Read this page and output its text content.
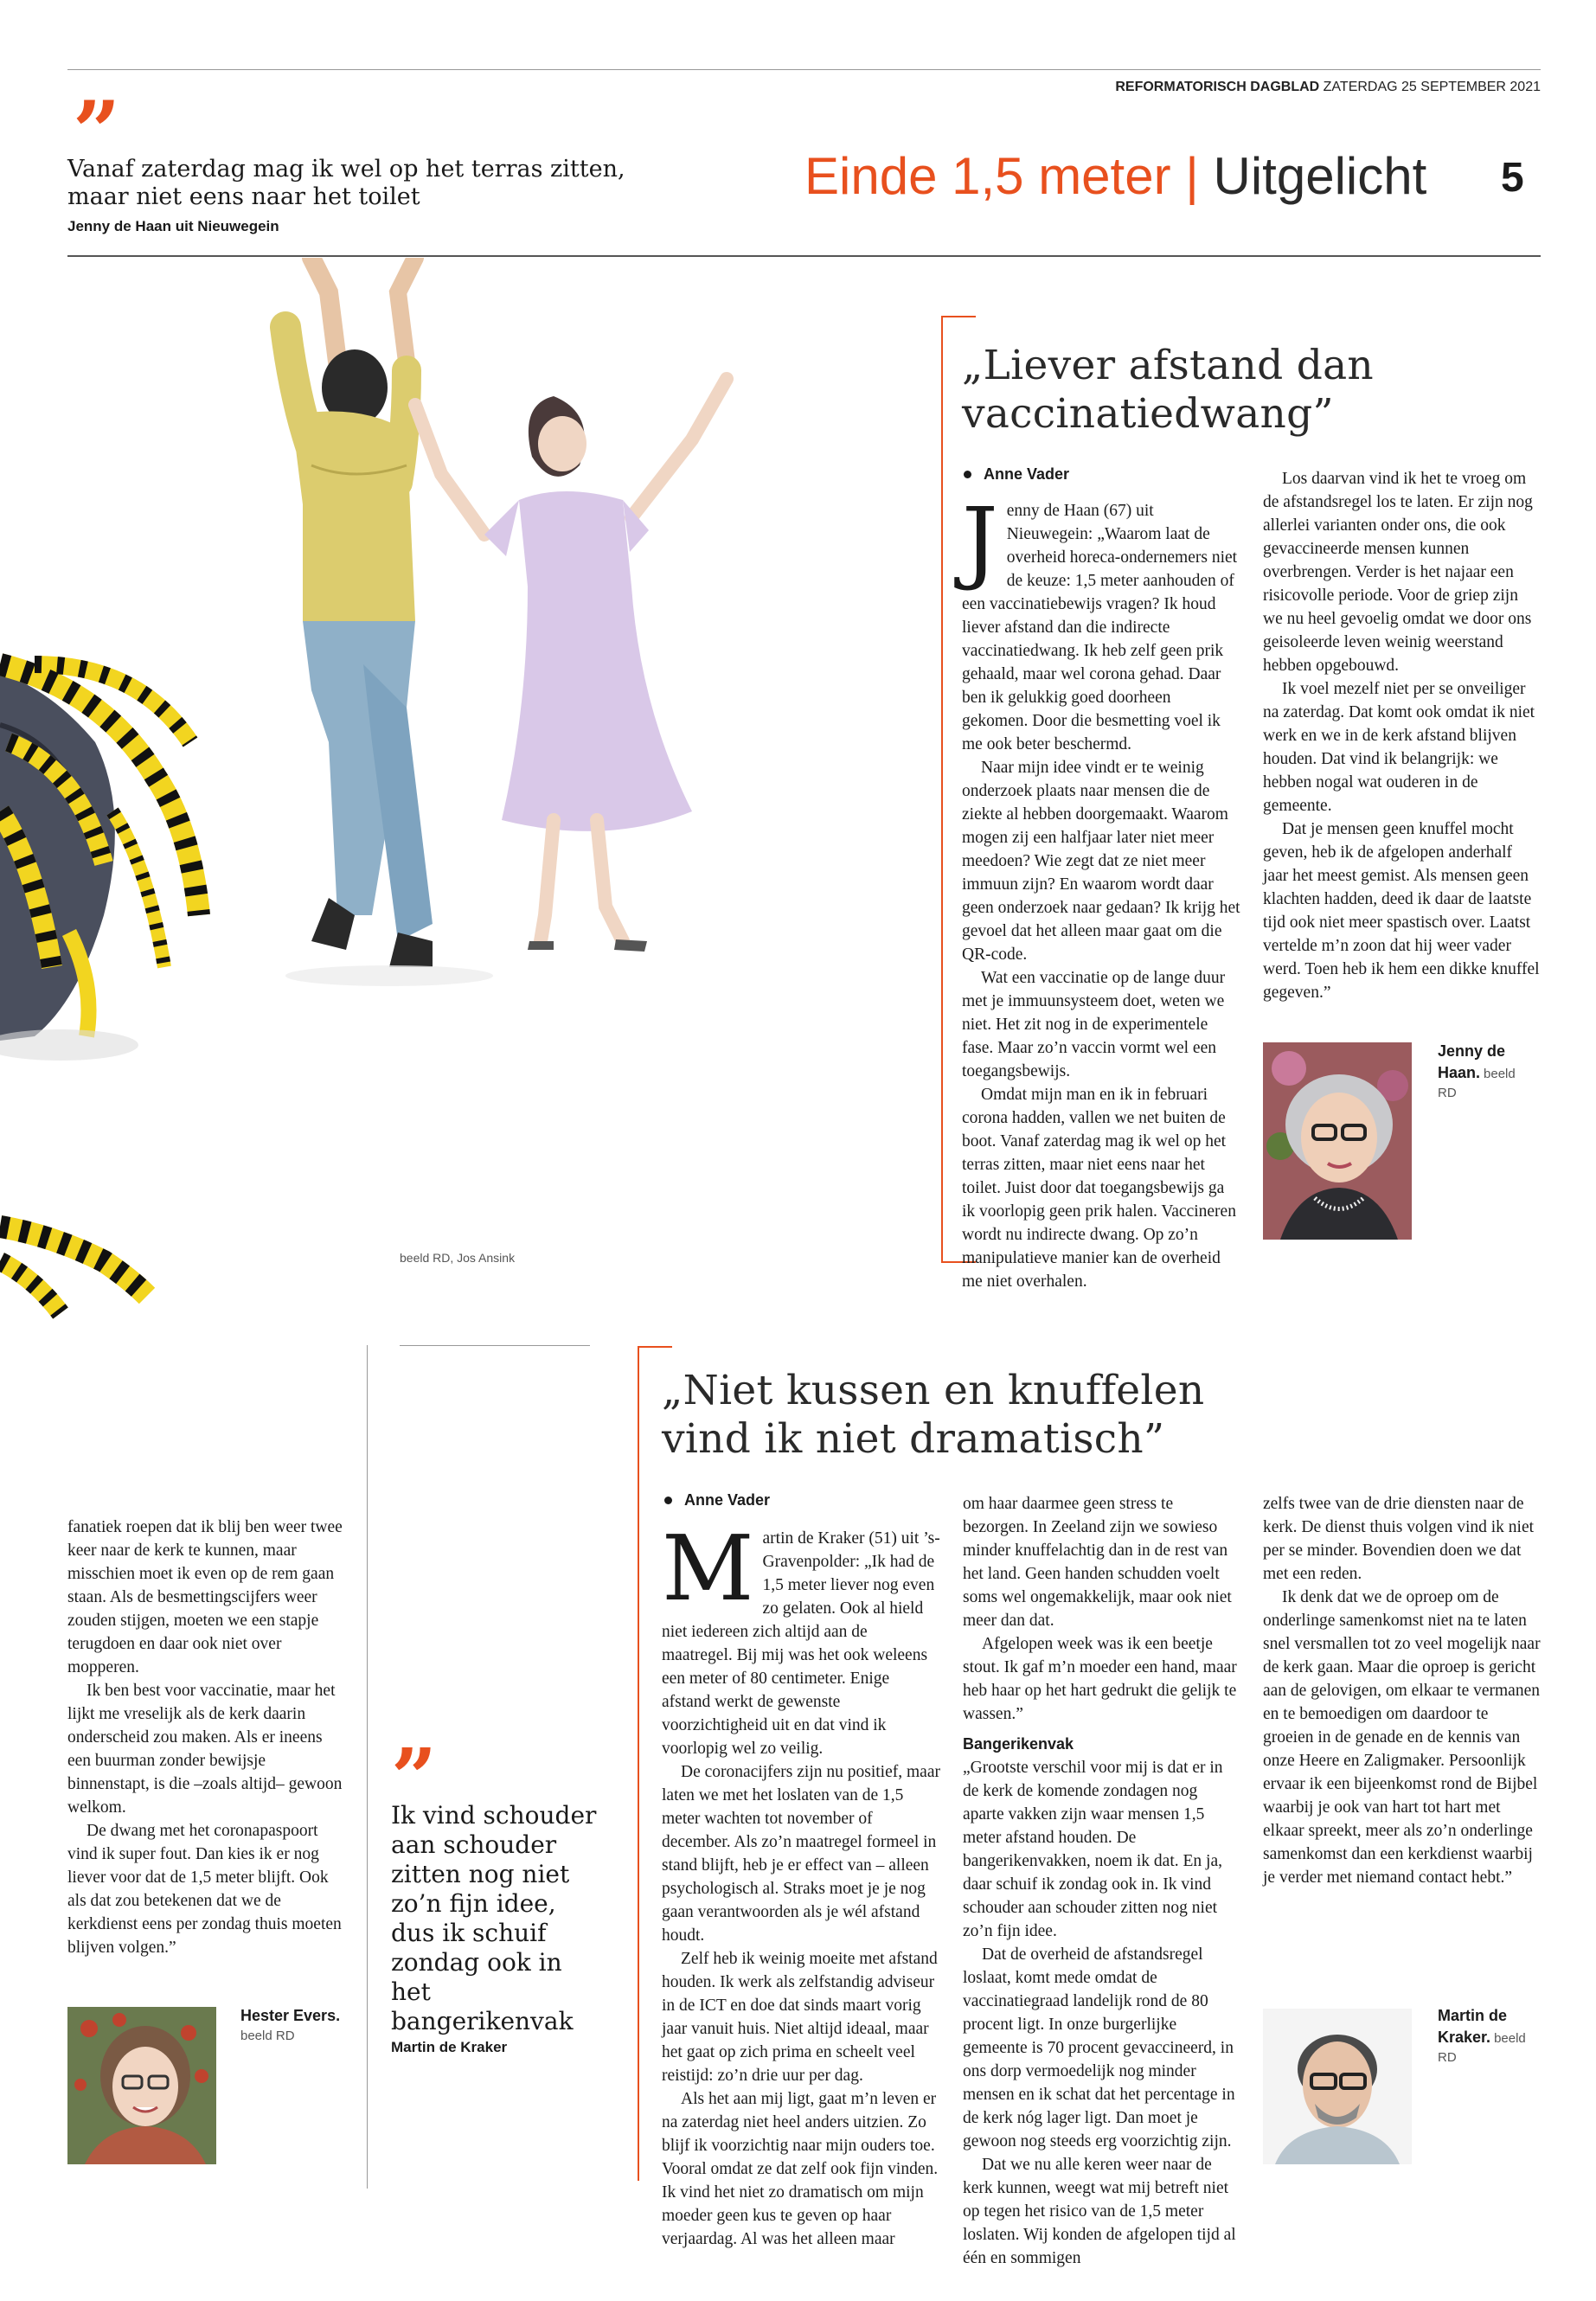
REFORMATORISCH DAGBLAD ZATERDAG 25 SEPTEMBER 2021
”
Vanaf zaterdag mag ik wel op het terras zitten,
maar niet eens naar het toilet
Jenny de Haan uit Nieuwegein
Einde 1,5 meter | Uitgelicht 5
beeld RD, Jos Ansink
„Liever afstand dan
vaccinatiedwang”
Anne Vader

Jenny de Haan (67) uit Nieuwegein: „Waarom laat de overheid horeca-ondernemers niet de keuze: 1,5 meter aanhouden of een vaccinatiebewijs vragen? Ik houd liever afstand dan die indirecte vaccinatiedwang. Ik heb zelf geen prik gehaald, maar wel corona gehad. Daar ben ik gelukkig goed doorheen gekomen. Door die besmetting voel ik me ook beter beschermd.

Naar mijn idee vindt er te weinig onderzoek plaats naar mensen die de ziekte al hebben doorgemaakt. Waarom mogen zij een halfjaar later niet meer meedoen? Wie zegt dat ze niet meer immuun zijn? En waarom wordt daar geen onderzoek naar gedaan? Ik krijg het gevoel dat het alleen maar gaat om die QR-code.

Wat een vaccinatie op de lange duur met je immuunsysteem doet, weten we niet. Het zit nog in de experimentele fase. Maar zo’n vaccin vormt wel een toegangsbewijs.

Omdat mijn man en ik in februari corona hadden, vallen we net buiten de boot. Vanaf zaterdag mag ik wel op het terras zitten, maar niet eens naar het toilet. Juist door dat toegangsbewijs ga ik voorlopig geen prik halen. Vaccineren wordt nu indirecte dwang. Op zo’n manipulatieve manier kan de overheid me niet overhalen.

Los daarvan vind ik het te vroeg om de afstandsregel los te laten. Er zijn nog allerlei varianten onder ons, die ook gevaccineerde mensen kunnen overbrengen. Verder is het najaar een risicovolle periode. Voor de griep zijn we nu heel gevoelig omdat we door ons geisoleerde leven weinig weerstand hebben opgebouwd.

Ik voel mezelf niet per se onveiliger na zaterdag. Dat komt ook omdat ik niet werk en we in de kerk afstand blijven houden. Dat vind ik belangrijk: we hebben nogal wat ouderen in de gemeente.

Dat je mensen geen knuffel mocht geven, heb ik de afgelopen anderhalf jaar het meest gemist. Als mensen geen klachten hadden, deed ik daar de laatste tijd ook niet meer spastisch over. Laatst vertelde m’n zoon dat hij weer vader werd. Toen heb ik hem een dikke knuffel gegeven.”

Jenny de Haan. beeld RD

fanatiek roepen dat ik blij ben weer twee keer naar de kerk te kunnen, maar misschien moet ik even op de rem gaan staan. Als de besmettingscijfers weer zouden stijgen, moeten we een stapje terugdoen en daar ook niet over mopperen.

Ik ben best voor vaccinatie, maar het lijkt me vreselijk als de kerk daarin onderscheid zou maken. Als er ineens een buurman zonder bewijsje binnenstapt, is die –zoals altijd– gewoon welkom.

De dwang met het coronapaspoort vind ik super fout. Dan kies ik er nog liever voor dat de 1,5 meter blijft. Ook als dat zou betekenen dat we de kerkdienst eens per zondag thuis moeten blijven volgen.”

Hester Evers. beeld RD
”
Ik vind schouder aan schouder zitten nog niet zo’n fijn idee, dus ik schuif zondag ook in het bangerikenvak
Martin de Kraker
„Niet kussen en knuffelen
vind ik niet dramatisch”
Anne Vader

Martin de Kraker (51) uit ’s-Gravenpolder: „Ik had de 1,5 meter liever nog even zo gelaten. Ook al hield niet iedereen zich altijd aan de maatregel. Bij mij was het ook weleens een meter of 80 centimeter. Enige afstand werkt de gewenste voorzichtigheid uit en dat vind ik voorlopig wel zo veilig.

De coronacijfers zijn nu positief, maar laten we met het loslaten van de 1,5 meter wachten tot november of december. Als zo’n maatregel formeel in stand blijft, heb je er effect van – alleen psychologisch al. Straks moet je je nog gaan verantwoorden als je wél afstand houdt.

Zelf heb ik weinig moeite met afstand houden. Ik werk als zelfstandig adviseur in de ICT en doe dat sinds maart vorig jaar vanuit huis. Niet altijd ideaal, maar het gaat op zich prima en scheelt veel reistijd: zo’n drie uur per dag.

Als het aan mij ligt, gaat m’n leven er na zaterdag niet heel anders uitzien. Zo blijf ik voorzichtig naar mijn ouders toe. Vooral omdat ze dat zelf ook fijn vinden. Ik vind het niet zo dramatisch om mijn moeder geen kus te geven op haar verjaardag. Al was het alleen maar

om haar daarmee geen stress te bezorgen. In Zeeland zijn we sowieso minder knuffelachtig dan in de rest van het land. Geen handen schudden voelt soms wel ongemakkelijk, maar ook niet meer dan dat.

Afgelopen week was ik een beetje stout. Ik gaf m’n moeder een hand, maar heb haar op het hart gedrukt die gelijk te wassen.”

Bangerikenvak

„Grootste verschil voor mij is dat er in de kerk de komende zondagen nog aparte vakken zijn waar mensen 1,5 meter afstand houden. De bangerikenvakken, noem ik dat. En ja, daar schuif ik zondag ook in. Ik vind schouder aan schouder zitten nog niet zo’n fijn idee.

Dat de overheid de afstandsregel loslaat, komt mede omdat de vaccinatiegraad landelijk rond de 80 procent ligt. In onze burgerlijke gemeente is 70 procent gevaccineerd, in ons dorp vermoedelijk nog minder mensen en ik schat dat het percentage in de kerk nóg lager ligt. Dan moet je gewoon nog steeds erg voorzichtig zijn.

Dat we nu alle keren weer naar de kerk kunnen, weegt wat mij betreft niet op tegen het risico van de 1,5 meter loslaten. Wij konden de afgelopen tijd al één en sommigen

zelfs twee van de drie diensten naar de kerk. De dienst thuis volgen vind ik niet per se minder. Bovendien doen we dat met een reden.

Ik denk dat we de oproep om de onderlinge samenkomst niet na te laten snel versmallen tot zo veel mogelijk naar de kerk gaan. Maar die oproep is gericht aan de gelovigen, om elkaar te vermanen en te bemoedigen om daardoor te groeien in de genade en de kennis van onze Heere en Zaligmaker. Persoonlijk ervaar ik een bijeenkomst rond de Bijbel waarbij je ook van hart tot hart met elkaar spreekt, meer als zo’n onderlinge samenkomst dan een kerkdienst waarbij je verder met niemand contact hebt.”

Martin de Kraker. beeld RD
